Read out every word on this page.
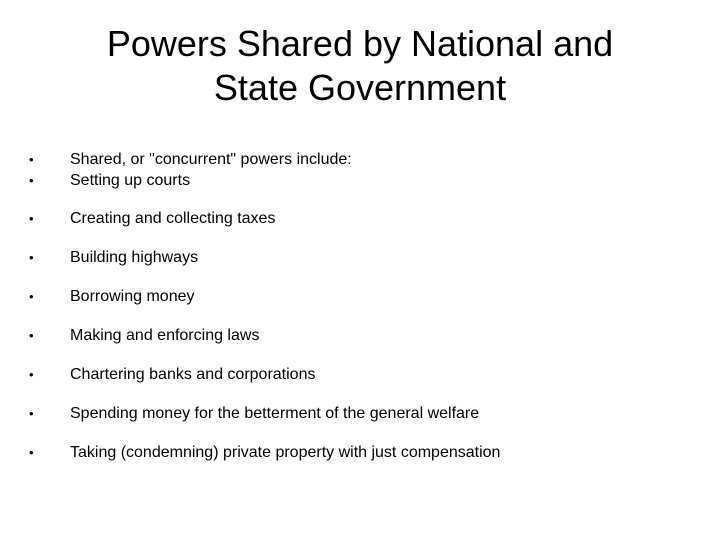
Powers Shared by National and
State Government
• Shared, or "concurrent" powers include:
• Setting up courts
• Creating and collecting taxes
• Building highways
• Borrowing money
• Making and enforcing laws
• Chartering banks and corporations
• Spending money for the betterment of the general welfare
• Taking (condemning) private property with just compensation
